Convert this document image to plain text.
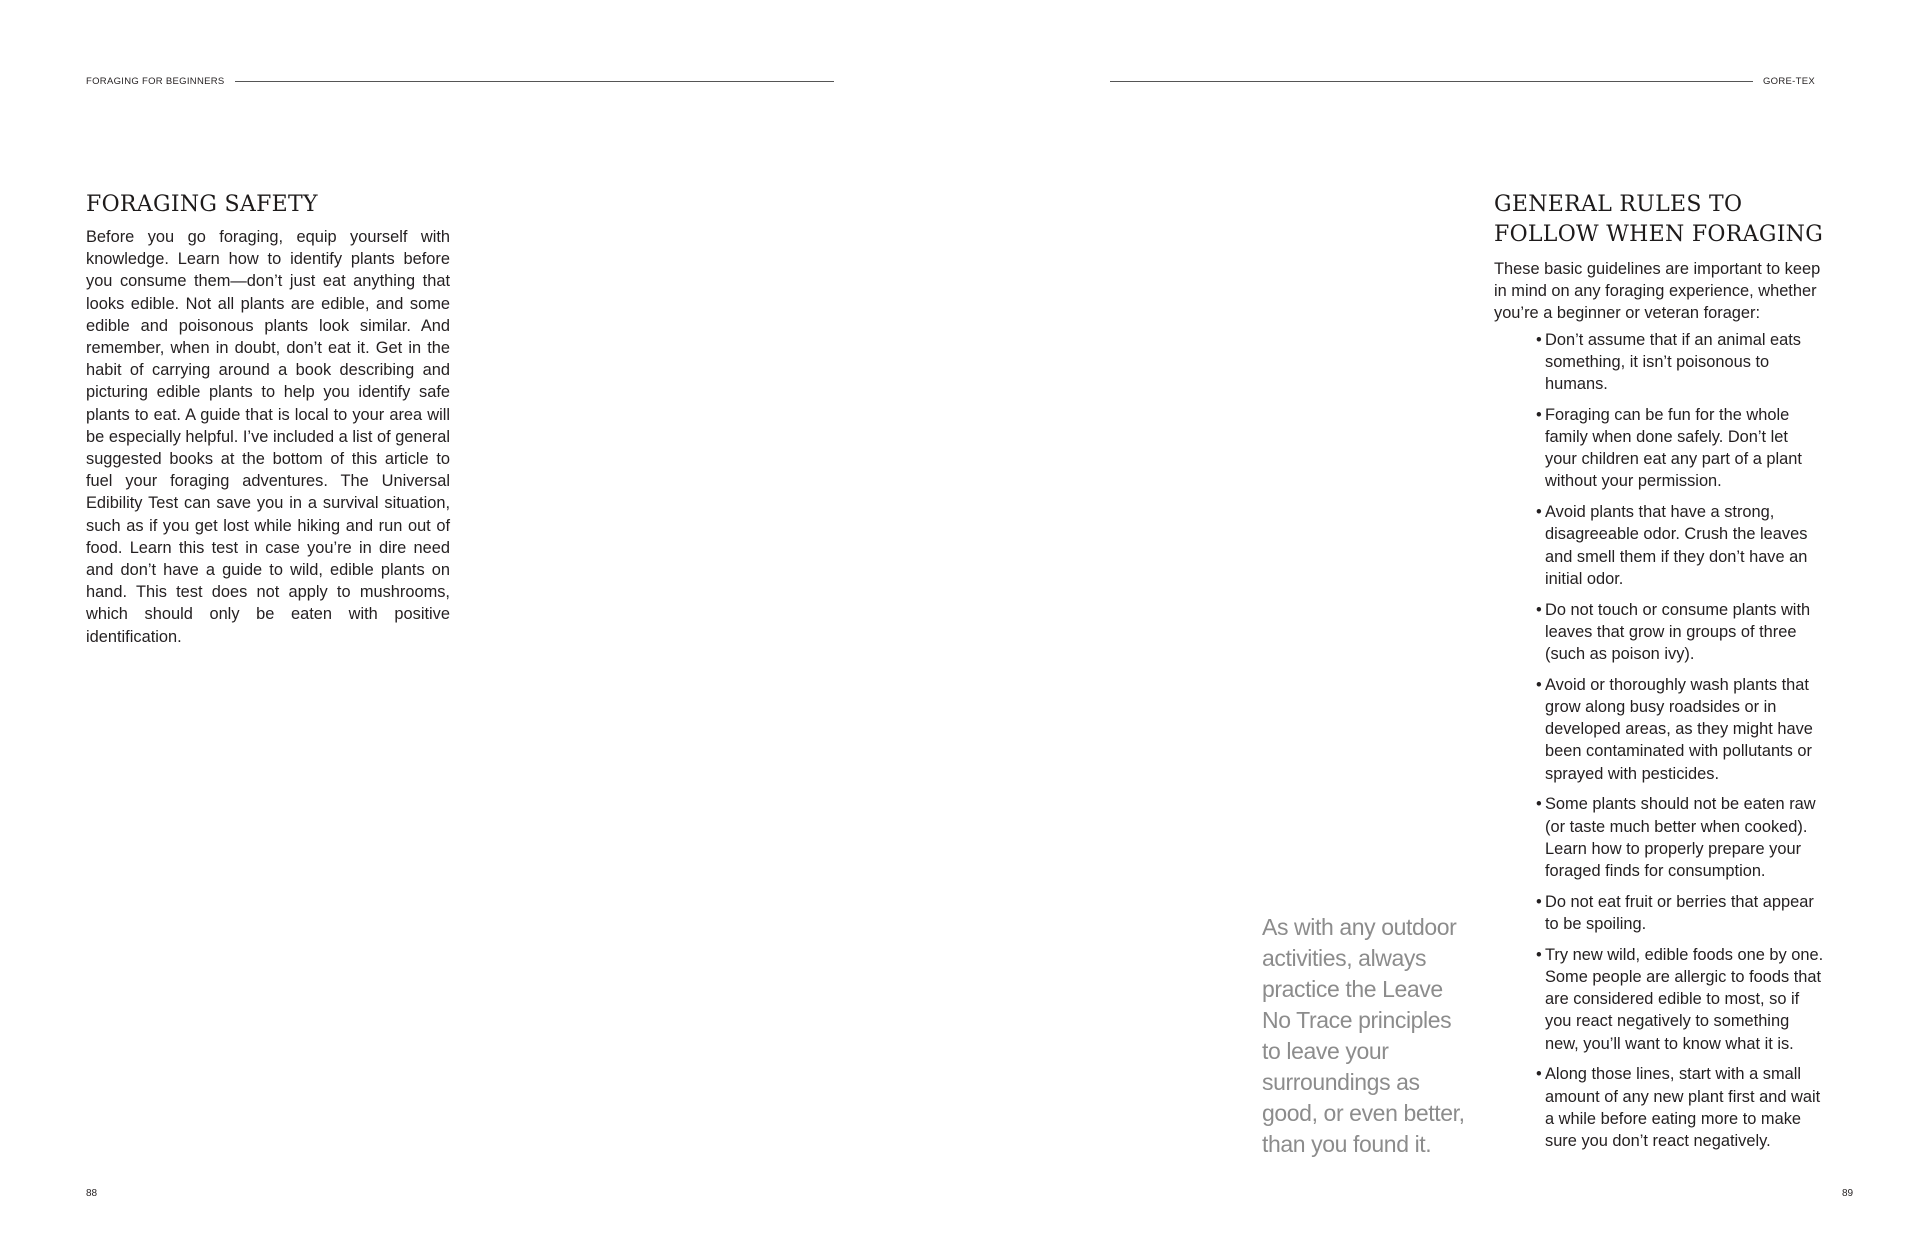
FORAGING FOR BEGINNERS
FORAGING SAFETY

Before you go foraging, equip yourself with knowledge. Learn how to identify plants before you consume them—don’t just eat anything that looks edible. Not all plants are edible, and some edible and poisonous plants look similar. And remember, when in doubt, don’t eat it. Get in the habit of carrying around a book describing and picturing edible plants to help you identify safe plants to eat. A guide that is local to your area will be especially helpful. I’ve included a list of general suggested books at the bottom of this article to fuel your foraging adventures. The Universal Edibility Test can save you in a survival situation, such as if you get lost while hiking and run out of food. Learn this test in case you’re in dire need and don’t have a guide to wild, edible plants on hand. This test does not apply to mushrooms, which should only be eaten with positive identification.

88
GORE-TEX

As with any outdoor activities, always practice the Leave No Trace principles to leave your surroundings as good, or even better, than you found it.

GENERAL RULES TO FOLLOW WHEN FORAGING

These basic guidelines are important to keep in mind on any foraging experience, whether you’re a beginner or veteran forager:

• Don’t assume that if an animal eats something, it isn’t poisonous to humans.
• Foraging can be fun for the whole family when done safely. Don’t let your children eat any part of a plant without your permission.
• Avoid plants that have a strong, disagreeable odor. Crush the leaves and smell them if they don’t have an initial odor.
• Do not touch or consume plants with leaves that grow in groups of three (such as poison ivy).
• Avoid or thoroughly wash plants that grow along busy roadsides or in developed areas, as they might have been contaminated with pollutants or sprayed with pesticides.
• Some plants should not be eaten raw (or taste much better when cooked). Learn how to properly prepare your foraged finds for consumption.
• Do not eat fruit or berries that appear to be spoiling.
• Try new wild, edible foods one by one. Some people are allergic to foods that are considered edible to most, so if you react negatively to something new, you’ll want to know what it is.
• Along those lines, start with a small amount of any new plant first and wait a while before eating more to make sure you don’t react negatively.
89
